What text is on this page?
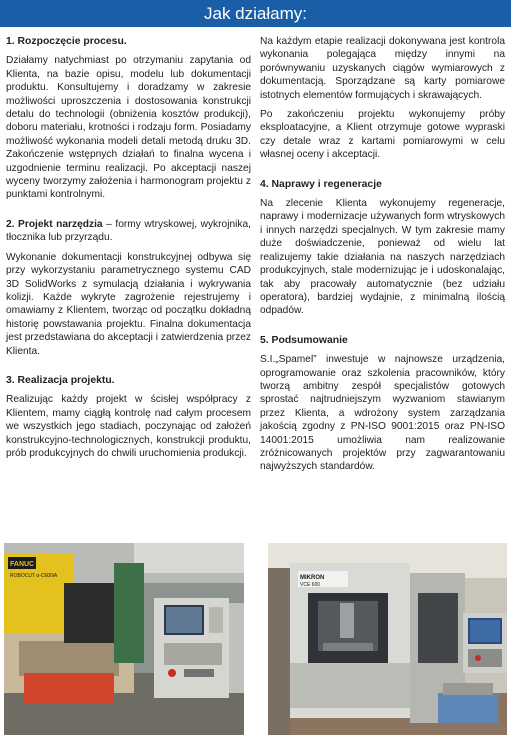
Jak działamy:
1. Rozpoczęcie procesu.

Działamy natychmiast po otrzymaniu zapytania od Klienta, na bazie opisu, modelu lub dokumentacji produktu. Konsultujemy i doradzamy w zakresie możliwości uproszczenia i dostosowania konstrukcji detalu do technologii (obniżenia kosztów produkcji), doboru materiału, krotności i rodzaju form. Posiadamy możliwość wykonania modeli detali metodą druku 3D. Zakończenie wstępnych działań to finalna wycena i uzgodnienie terminu realizacji. Po akceptacji naszej wyceny tworzymy założenia i harmonogram projektu z punktami kontrolnymi.

2. Projekt narzędzia – formy wtryskowej, wykrojnika, tłocznika lub przyrządu.

Wykonanie dokumentacji konstrukcyjnej odbywa się przy wykorzystaniu parametrycznego systemu CAD 3D SolidWorks z symulacją działania i wykrywania kolizji. Każde wykryte zagrożenie rejestrujemy i omawiamy z Klientem, tworząc od początku dokładną historię powstawania projektu. Finalna dokumentacja jest przedstawiana do akceptacji i zatwierdzenia przez Klienta.

3. Realizacja projektu.

Realizując każdy projekt w ścisłej współpracy z Klientem, mamy ciągłą kontrolę nad całym procesem we wszystkich jego stadiach, poczynając od założeń konstrukcyjno-technologicznych, konstrukcji produktu, prób produkcyjnych do chwili uruchomienia produkcji.

Na każdym etapie realizacji dokonywana jest kontrola wykonania polegająca między innymi na porównywaniu uzyskanych ciągów wymiarowych z dokumentacją. Sporządzane są karty pomiarowe istotnych elementów formujących i skrawających.

Po zakończeniu projektu wykonujemy próby eksploatacyjne, a Klient otrzymuje gotowe wypraski czy detale wraz z kartami pomiarowymi w celu własnej oceny i akceptacji.

4. Naprawy i regeneracje

Na zlecenie Klienta wykonujemy regeneracje, naprawy i modernizacje używanych form wtryskowych i innych narzędzi specjalnych. W tym zakresie mamy duże doświadczenie, ponieważ od wielu lat realizujemy takie działania na naszych narzędziach produkcyjnych, stale modernizując je i udoskonalając, tak aby pracowały automatycznie (bez udziału operatora), bardziej wydajnie, z minimalną ilością odpadów.

5. Podsumowanie

S.I.„Spamel” inwestuje w najnowsze urządzenia, oprogramowanie oraz szkolenia pracowników, który tworzą ambitny zespół specjalistów gotowych sprostać najtrudniejszym wyzwaniom stawianym przez Klienta, a wdrożony system zarządzania jakością zgodny z PN-ISO 9001:2015 oraz PN-ISO 14001:2015 umożliwia nam realizowanie zróżnicowanych projektów przy zagwarantowaniu najwyższych standardów.

FANUC
ROBOCUT α-C600iA	MIKRON
VCE 600
